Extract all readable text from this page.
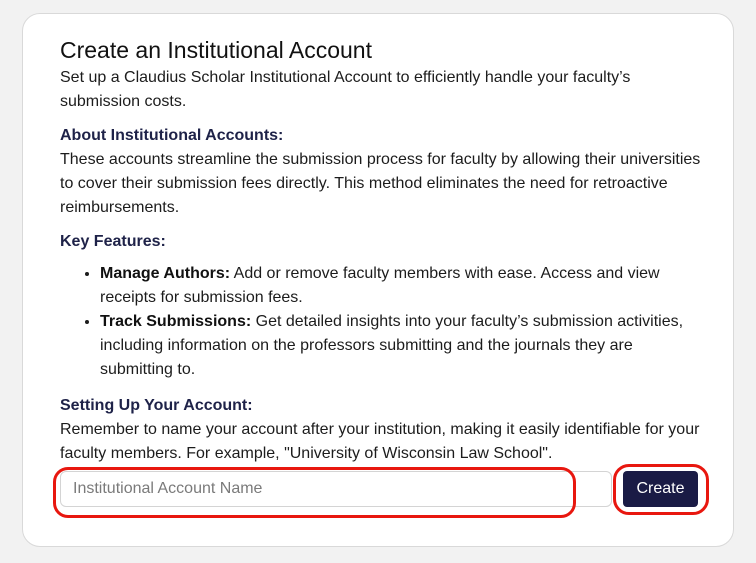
Create an Institutional Account

Set up a Claudius Scholar Institutional Account to efficiently handle your faculty’s submission costs.

About Institutional Accounts:

These accounts streamline the submission process for faculty by allowing their universities to cover their submission fees directly. This method eliminates the need for retroactive reimbursements.

Key Features:

• Manage Authors: Add or remove faculty members with ease. Access and view receipts for submission fees.
• Track Submissions: Get detailed insights into your faculty’s submission activities, including information on the professors submitting and the journals they are submitting to.

Setting Up Your Account:

Remember to name your account after your institution, making it easily identifiable for your faculty members. For example, "University of Wisconsin Law School".

Institutional Account Name
Create
